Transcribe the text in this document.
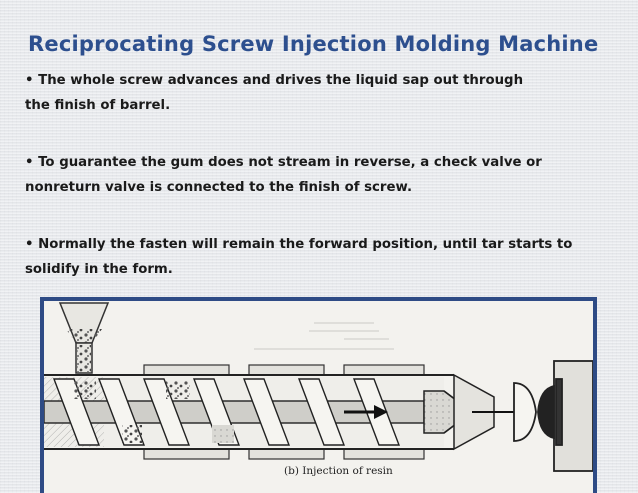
Reciprocating Screw Injection Molding Machine
• The whole screw advances and drives the liquid sap out through
the finish of barrel.
• To guarantee the gum does not stream in reverse, a check valve or
nonreturn valve is connected to the finish of screw.
• Normally the fasten will remain the forward position, until tar starts to
solidify in the form.
(b) Injection of resin
